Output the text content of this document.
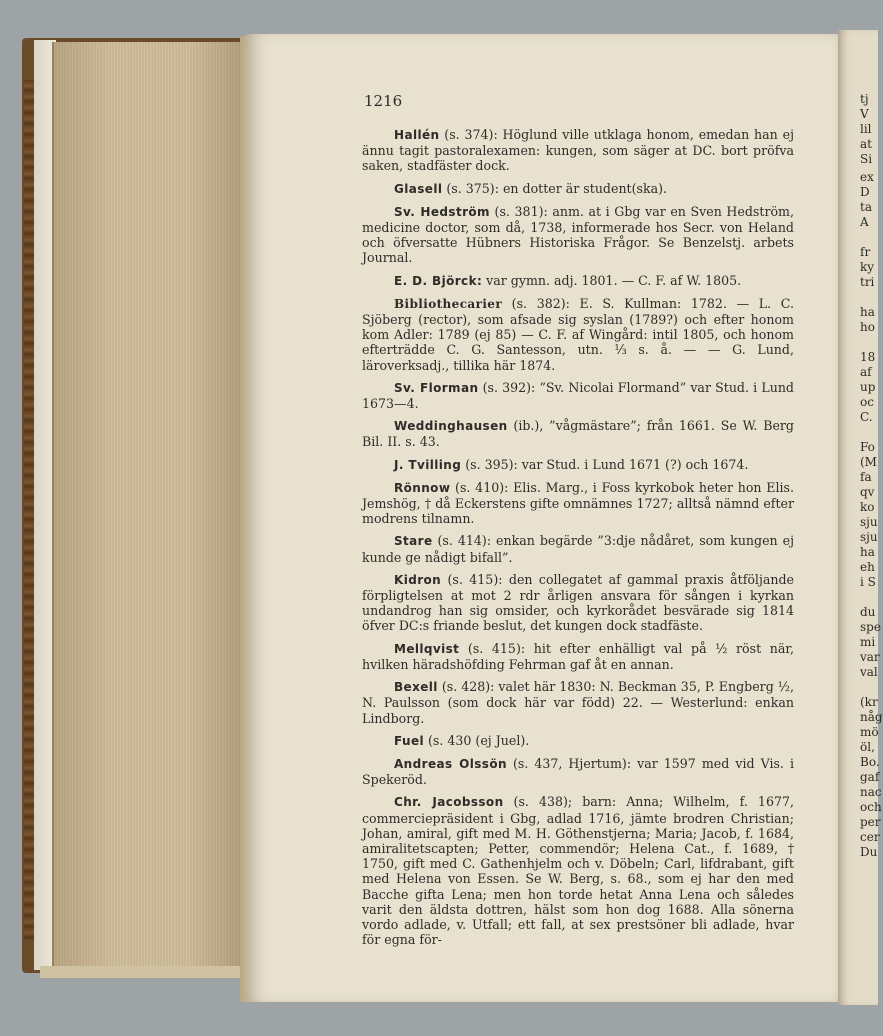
1216
Hallén (s. 374): Höglund ville utklaga honom, emedan han ej ännu tagit pastoralexamen: kungen, som säger at DC. bort pröfva saken, stadfäster dock.
Glasell (s. 375): en dotter är student(ska).
Sv. Hedström (s. 381): anm. at i Gbg var en Sven Hedström, medicine doctor, som då, 1738, informerade hos Secr. von Heland och öfversatte Hübners Historiska Frågor. Se Benzelstj. arbets Journal.
E. D. Björck: var gymn. adj. 1801. — C. F. af W. 1805.
Bibliothecarier (s. 382): E. S. Kullman: 1782. — L. C. Sjöberg (rector), som afsade sig syslan (1789?) och efter honom kom Adler: 1789 (ej 85) — C. F. af Wingård: intil 1805, och honom efterträdde C. G. Santesson, utn. ⅓ s. å. — — G. Lund, läroverksadj., tillika här 1874.
Sv. Florman (s. 392): ”Sv. Nicolai Flormand” var Stud. i Lund 1673—4.
Weddinghausen (ib.), ”vågmästare”; från 1661. Se W. Berg Bil. II. s. 43.
J. Tvilling (s. 395): var Stud. i Lund 1671 (?) och 1674.
Rönnow (s. 410): Elis. Marg., i Foss kyrkobok heter hon Elis. Jemshög, † då Eckerstens gifte omnämnes 1727; alltså nämnd efter modrens tilnamn.
Stare (s. 414): enkan begärde ”3:dje nådåret, som kungen ej kunde ge nådigt bifall”.
Kidron (s. 415): den collegatet af gammal praxis åtföljande förpligtelsen at mot 2 rdr årligen ansvara för sången i kyrkan undandrog han sig omsider, och kyrkorådet besvärade sig 1814 öfver DC:s friande beslut, det kungen dock stadfäste.
Mellqvist (s. 415): hit efter enhälligt val på ½ röst när, hvilken häradshöfding Fehrman gaf åt en annan.
Bexell (s. 428): valet här 1830: N. Beckman 35, P. Engberg ½, N. Paulsson (som dock här var född) 22. — Westerlund: enkan Lindborg.
Fuel (s. 430 (ej Juel).
Andreas Olssön (s. 437, Hjertum): var 1597 med vid Vis. i Spekeröd.
Chr. Jacobsson (s. 438); barn: Anna; Wilhelm, f. 1677, commerciepräsident i Gbg, adlad 1716, jämte brodren Christian; Johan, amiral, gift med M. H. Göthenstjerna; Maria; Jacob, f. 1684, amiralitetscapten; Petter, commendör; Helena Cat., f. 1689, † 1750, gift med C. Gathenhjelm och v. Döbeln; Carl, lifdrabant, gift med Helena von Essen. Se W. Berg, s. 68., som ej har den med Bacche gifta Lena; men hon torde hetat Anna Lena och således varit den äldsta dottren, hälst som hon dog 1688. Alla sönerna vordo adlade, v. Utfall; ett fall, at sex prestsöner bli adlade, hvar för egna för-
tj
V
lil
at
Si
ex
D
ta
A
fr
ky
tri
ha
ho
18
af
up
oc
C.
Fo
(M
fa
qv
ko
sju
sju
ha
eh
i S
du
spe
mi
var
val
(kr
någ
mö
öl,
Bo.
gaf
nac
och
per
cer
Du
